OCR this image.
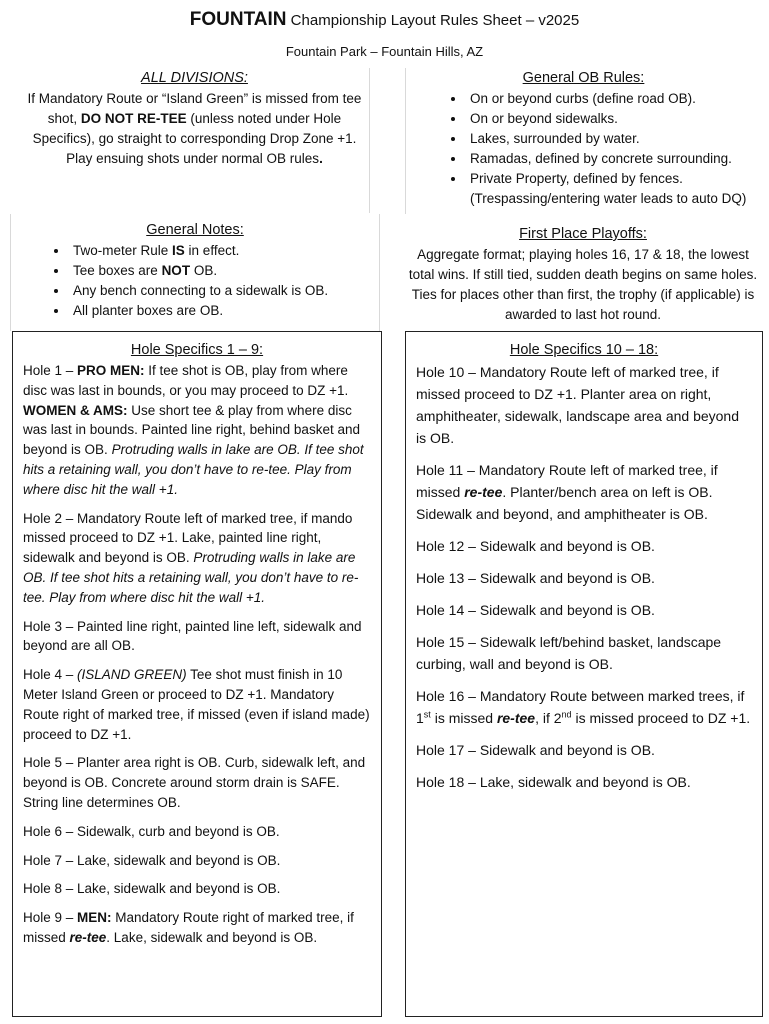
FOUNTAIN Championship Layout Rules Sheet – v2025
Fountain Park – Fountain Hills, AZ
ALL DIVISIONS:
If Mandatory Route or “Island Green” is missed from tee shot, DO NOT RE-TEE (unless noted under Hole Specifics), go straight to corresponding Drop Zone +1. Play ensuing shots under normal OB rules.
General OB Rules:
• On or beyond curbs (define road OB).
• On or beyond sidewalks.
• Lakes, surrounded by water.
• Ramadas, defined by concrete surrounding.
• Private Property, defined by fences. (Trespassing/entering water leads to auto DQ)
General Notes:
• Two-meter Rule IS in effect.
• Tee boxes are NOT OB.
• Any bench connecting to a sidewalk is OB.
• All planter boxes are OB.
First Place Playoffs:
Aggregate format; playing holes 16, 17 & 18, the lowest total wins. If still tied, sudden death begins on same holes. Ties for places other than first, the trophy (if applicable) is awarded to last hot round.
Hole Specifics 1 – 9:

Hole 1 – PRO MEN: If tee shot is OB, play from where disc was last in bounds, or you may proceed to DZ +1. WOMEN & AMS: Use short tee & play from where disc was last in bounds. Painted line right, behind basket and beyond is OB. Protruding walls in lake are OB. If tee shot hits a retaining wall, you don’t have to re-tee. Play from where disc hit the wall +1.

Hole 2 – Mandatory Route left of marked tree, if mando missed proceed to DZ +1. Lake, painted line right, sidewalk and beyond is OB. Protruding walls in lake are OB. If tee shot hits a retaining wall, you don’t have to re-tee. Play from where disc hit the wall +1.

Hole 3 – Painted line right, painted line left, sidewalk and beyond are all OB.

Hole 4 – (ISLAND GREEN) Tee shot must finish in 10 Meter Island Green or proceed to DZ +1. Mandatory Route right of marked tree, if missed (even if island made) proceed to DZ +1.

Hole 5 – Planter area right is OB. Curb, sidewalk left, and beyond is OB. Concrete around storm drain is SAFE. String line determines OB.

Hole 6 – Sidewalk, curb and beyond is OB.

Hole 7 – Lake, sidewalk and beyond is OB.

Hole 8 – Lake, sidewalk and beyond is OB.

Hole 9 – MEN: Mandatory Route right of marked tree, if missed re-tee. Lake, sidewalk and beyond is OB.

Hole Specifics 10 – 18:

Hole 10 – Mandatory Route left of marked tree, if missed proceed to DZ +1. Planter area on right, amphitheater, sidewalk, landscape area and beyond is OB.

Hole 11 – Mandatory Route left of marked tree, if missed re-tee. Planter/bench area on left is OB. Sidewalk and beyond, and amphitheater is OB.

Hole 12 – Sidewalk and beyond is OB.

Hole 13 – Sidewalk and beyond is OB.

Hole 14 – Sidewalk and beyond is OB.

Hole 15 – Sidewalk left/behind basket, landscape curbing, wall and beyond is OB.

Hole 16 – Mandatory Route between marked trees, if 1st is missed re-tee, if 2nd is missed proceed to DZ +1.

Hole 17 – Sidewalk and beyond is OB.

Hole 18 – Lake, sidewalk and beyond is OB.
